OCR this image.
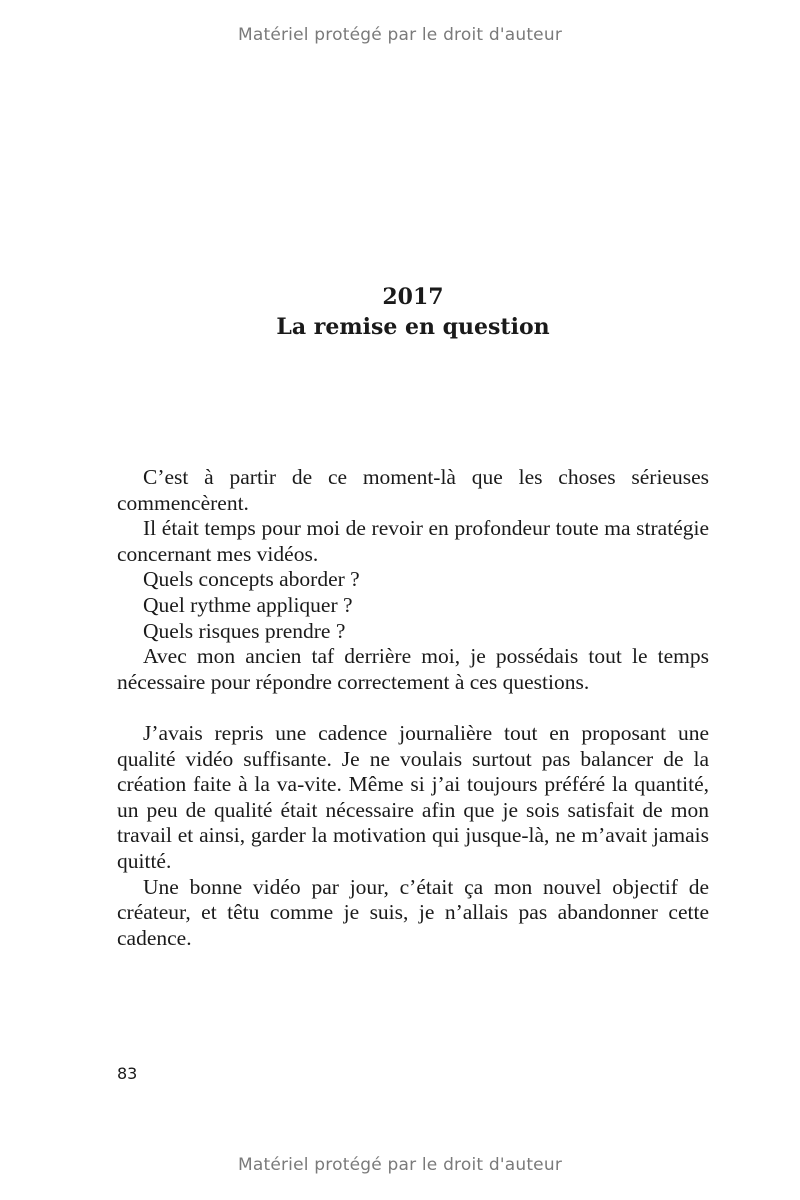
Matériel protégé par le droit d'auteur
2017
La remise en question

C’est à partir de ce moment-là que les choses sérieuses commencèrent.

Il était temps pour moi de revoir en profondeur toute ma stratégie concernant mes vidéos.

Quels concepts aborder ?

Quel rythme appliquer ?

Quels risques prendre ?

Avec mon ancien taf derrière moi, je possédais tout le temps nécessaire pour répondre correctement à ces questions.

J’avais repris une cadence journalière tout en proposant une qualité vidéo suffisante. Je ne voulais surtout pas balancer de la création faite à la va-vite. Même si j’ai toujours préféré la quantité, un peu de qualité était nécessaire afin que je sois satisfait de mon travail et ainsi, garder la motivation qui jusque-là, ne m’avait jamais quitté.

Une bonne vidéo par jour, c’était ça mon nouvel objectif de créateur, et têtu comme je suis, je n’allais pas abandonner cette cadence.

83
Matériel protégé par le droit d'auteur
